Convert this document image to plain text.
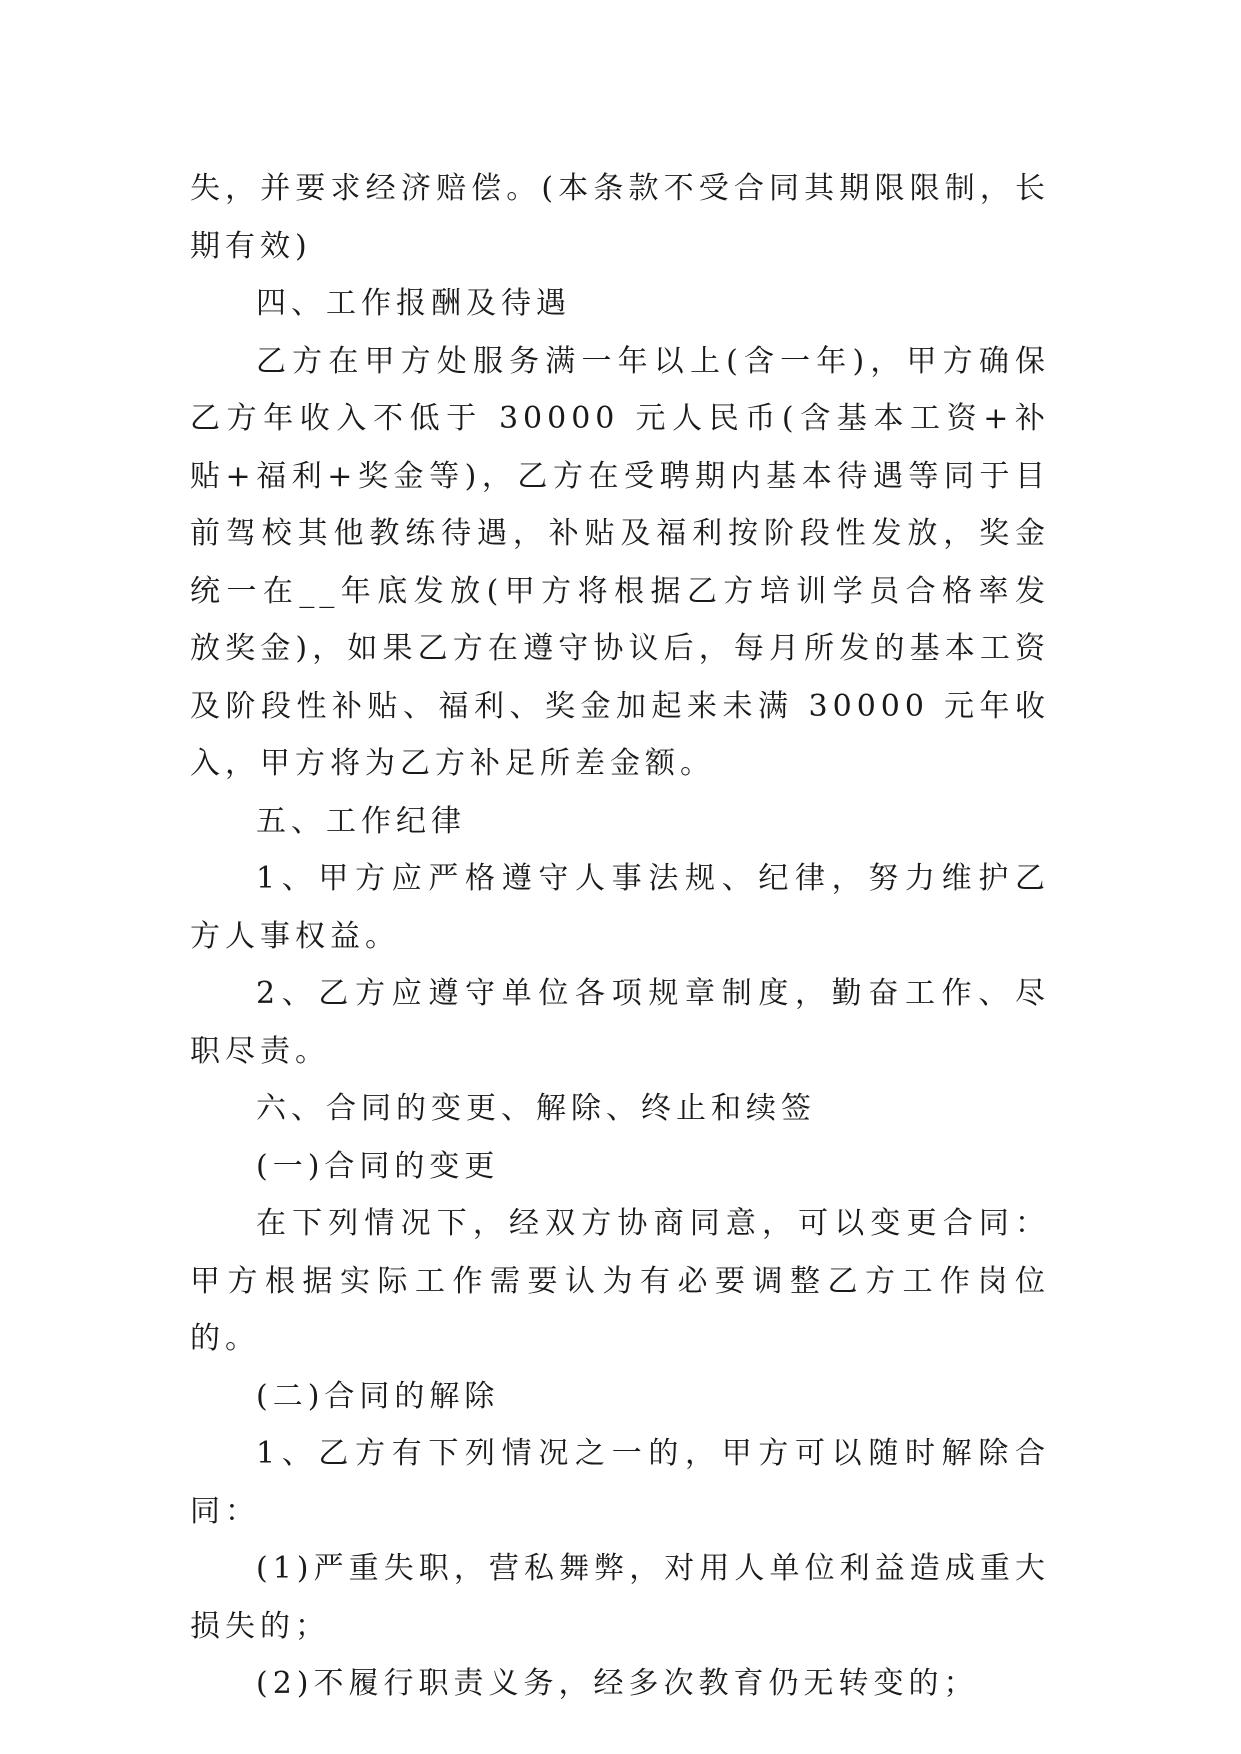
失，并要求经济赔偿。(本条款不受合同其期限限制，长期有效)

四、工作报酬及待遇

乙方在甲方处服务满一年以上(含一年)，甲方确保乙方年收入不低于 30000 元人民币(含基本工资+补贴+福利+奖金等)，乙方在受聘期内基本待遇等同于目前驾校其他教练待遇，补贴及福利按阶段性发放，奖金统一在__年底发放(甲方将根据乙方培训学员合格率发放奖金)，如果乙方在遵守协议后，每月所发的基本工资及阶段性补贴、福利、奖金加起来未满 30000 元年收入，甲方将为乙方补足所差金额。

五、工作纪律

1、甲方应严格遵守人事法规、纪律，努力维护乙方人事权益。

2、乙方应遵守单位各项规章制度，勤奋工作、尽职尽责。

六、合同的变更、解除、终止和续签

(一)合同的变更

在下列情况下，经双方协商同意，可以变更合同：甲方根据实际工作需要认为有必要调整乙方工作岗位的。

(二)合同的解除

1、乙方有下列情况之一的，甲方可以随时解除合同：

(1)严重失职，营私舞弊，对用人单位利益造成重大损失的；

(2)不履行职责义务，经多次教育仍无转变的；
